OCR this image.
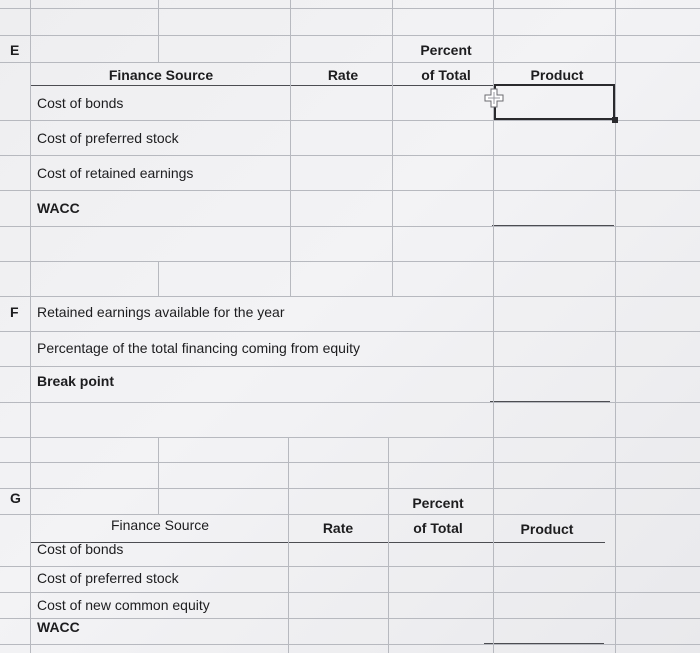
E	Percent
Finance Source	Rate	of Total	Product
Cost of bonds
Cost of preferred stock
Cost of retained earnings
WACC
F Retained earnings available for the year
Percentage of the total financing coming from equity
Break point
G	Percent
Finance Source	Rate	of Total	Product
Cost of bonds
Cost of preferred stock
Cost of new common equity
WACC
